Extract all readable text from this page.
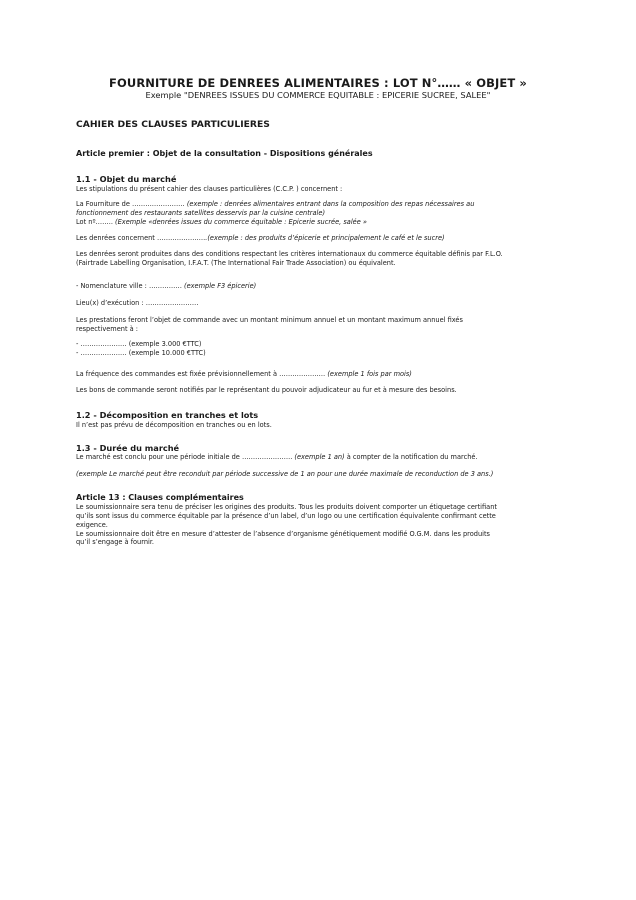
FOURNITURE DE DENREES ALIMENTAIRES : LOT N°…… « OBJET »
Exemple "DENREES ISSUES DU COMMERCE EQUITABLE : EPICERIE SUCREE, SALEE"

CAHIER DES CLAUSES PARTICULIERES

Article premier : Objet de la consultation - Dispositions générales

1.1 - Objet du marché

Les stipulations du présent cahier des clauses particulières (C.C.P. ) concernent :

La Fourniture de …………………… (exemple : denrées alimentaires entrant dans la composition des repas nécessaires au

fonctionnement des restaurants satellites desservis par la cuisine centrale)

Lot nº…….. (Exemple «denrées issues du commerce équitable : Epicerie sucrée, salée »

Les denrées concernent …………………..(exemple : des produits d’épicerie et principalement le café et le sucre)

Les denrées seront produites dans des conditions respectant les critères internationaux du commerce équitable définis par F.L.O.

(Fairtrade Labelling Organisation, I.F.A.T. (The International Fair Trade Association) ou équivalent.

- Nomenclature ville : …………… (exemple F3 épicerie)

Lieu(x) d’exécution : ……………………

Les prestations feront l’objet de commande avec un montant minimum annuel et un montant maximum annuel fixés

respectivement à :

- ………………… (exemple 3.000 €TTC)

- ………………… (exemple 10.000 €TTC)

La fréquence des commandes est fixée prévisionnellement à ………………… (exemple 1 fois par mois)

Les bons de commande seront notifiés par le représentant du pouvoir adjudicateur au fur et à mesure des besoins.

1.2 - Décomposition en tranches et lots

Il n’est pas prévu de décomposition en tranches ou en lots.

1.3 - Durée du marché

Le marché est conclu pour une période initiale de ………………….. (exemple 1 an) à compter de la notification du marché.

(exemple Le marché peut être reconduit par période successive de 1 an pour une durée maximale de reconduction de 3 ans.)

Article 13 : Clauses complémentaires

Le soumissionnaire sera tenu de préciser les origines des produits. Tous les produits doivent comporter un étiquetage certifiant

qu’ils sont issus du commerce équitable par la présence d’un label, d’un logo ou une certification équivalente confirmant cette

exigence.

Le soumissionnaire doit être en mesure d’attester de l’absence d’organisme génétiquement modifié O.G.M. dans les produits

qu’il s’engage à fournir.
